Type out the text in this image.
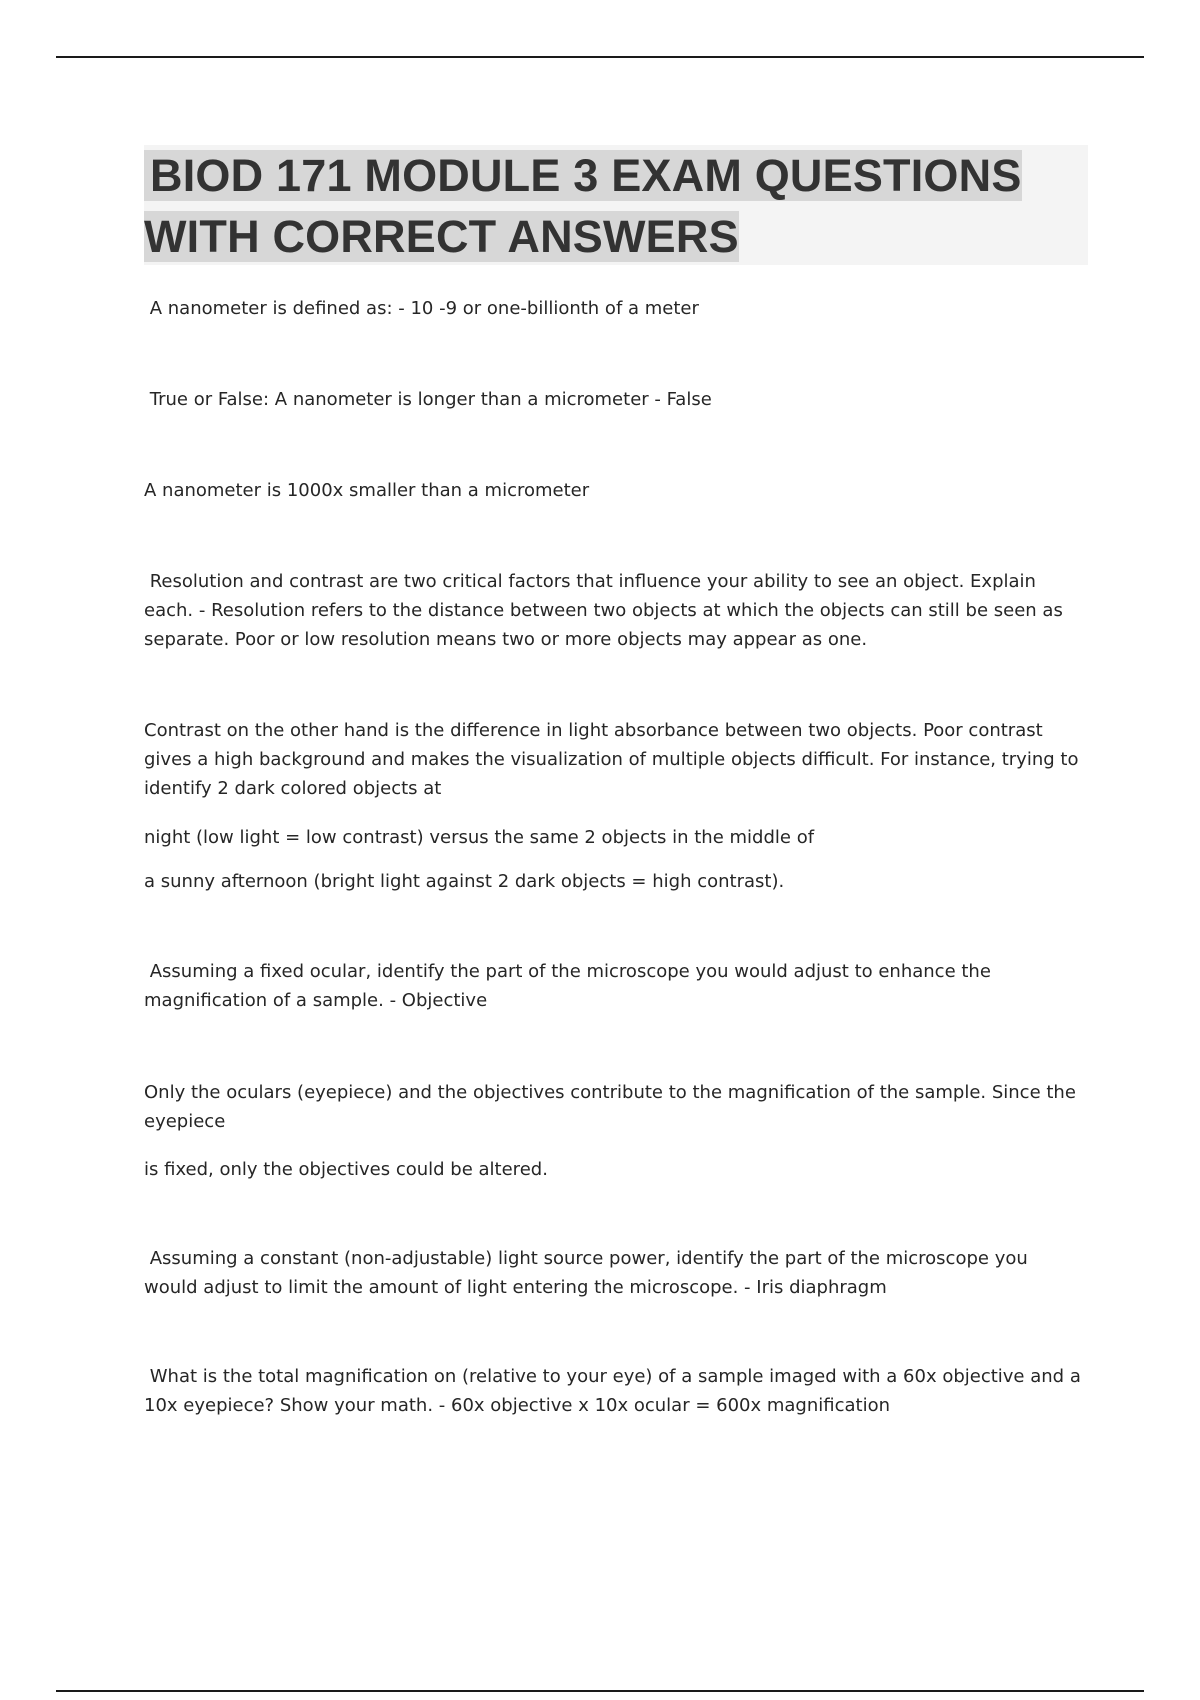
BIOD 171 MODULE 3 EXAM QUESTIONS
WITH CORRECT ANSWERS

A nanometer is defined as: - 10 -9 or one-billionth of a meter

True or False: A nanometer is longer than a micrometer - False

A nanometer is 1000x smaller than a micrometer

Resolution and contrast are two critical factors that influence your ability to see an object. Explain each. - Resolution refers to the distance between two objects at which the objects can still be seen as separate. Poor or low resolution means two or more objects may appear as one.

Contrast on the other hand is the difference in light absorbance between two objects. Poor contrast gives a high background and makes the visualization of multiple objects difficult. For instance, trying to identify 2 dark colored objects at

night (low light = low contrast) versus the same 2 objects in the middle of

a sunny afternoon (bright light against 2 dark objects = high contrast).

Assuming a fixed ocular, identify the part of the microscope you would adjust to enhance the magnification of a sample. - Objective

Only the oculars (eyepiece) and the objectives contribute to the magnification of the sample. Since the eyepiece

is fixed, only the objectives could be altered.

Assuming a constant (non-adjustable) light source power, identify the part of the microscope you would adjust to limit the amount of light entering the microscope. - Iris diaphragm

What is the total magnification on (relative to your eye) of a sample imaged with a 60x objective and a 10x eyepiece? Show your math. - 60x objective x 10x ocular = 600x magnification
